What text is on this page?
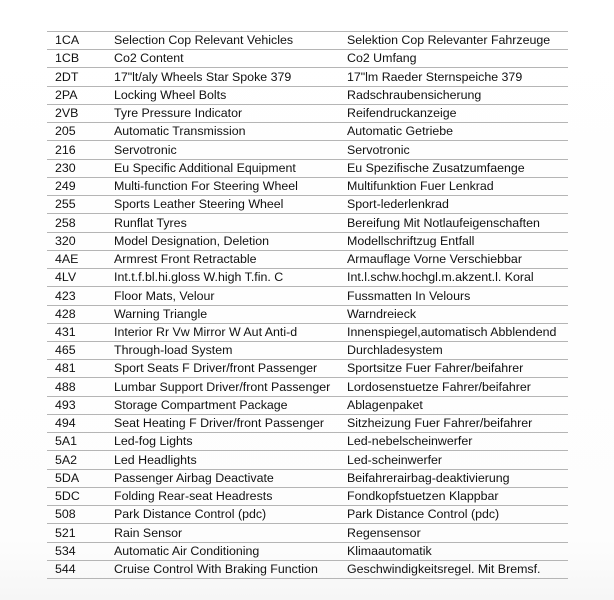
1CA	Selection Cop Relevant Vehicles	Selektion Cop Relevanter Fahrzeuge
1CB	Co2 Content	Co2 Umfang
2DT	17"lt/aly Wheels Star Spoke 379	17"lm Raeder Sternspeiche 379
2PA	Locking Wheel Bolts	Radschraubensicherung
2VB	Tyre Pressure Indicator	Reifendruckanzeige
205	Automatic Transmission	Automatic Getriebe
216	Servotronic	Servotronic
230	Eu Specific Additional Equipment	Eu Spezifische Zusatzumfaenge
249	Multi-function For Steering Wheel	Multifunktion Fuer Lenkrad
255	Sports Leather Steering Wheel	Sport-lederlenkrad
258	Runflat Tyres	Bereifung Mit Notlaufeigenschaften
320	Model Designation, Deletion	Modellschriftzug Entfall
4AE	Armrest Front Retractable	Armauflage Vorne Verschiebbar
4LV	Int.t.f.bl.hi.gloss W.high T.fin. C	Int.l.schw.hochgl.m.akzent.l. Koral
423	Floor Mats, Velour	Fussmatten In Velours
428	Warning Triangle	Warndreieck
431	Interior Rr Vw Mirror W Aut Anti-d	Innenspiegel,automatisch Abblendend
465	Through-load System	Durchladesystem
481	Sport Seats F Driver/front Passenger	Sportsitze Fuer Fahrer/beifahrer
488	Lumbar Support Driver/front Passenger	Lordosenstuetze Fahrer/beifahrer
493	Storage Compartment Package	Ablagenpaket
494	Seat Heating F Driver/front Passenger	Sitzheizung Fuer Fahrer/beifahrer
5A1	Led-fog Lights	Led-nebelscheinwerfer
5A2	Led Headlights	Led-scheinwerfer
5DA	Passenger Airbag Deactivate	Beifahrerairbag-deaktivierung
5DC	Folding Rear-seat Headrests	Fondkopfstuetzen Klappbar
508	Park Distance Control (pdc)	Park Distance Control (pdc)
521	Rain Sensor	Regensensor
534	Automatic Air Conditioning	Klimaautomatik
544	Cruise Control With Braking Function	Geschwindigkeitsregel. Mit Bremsf.
